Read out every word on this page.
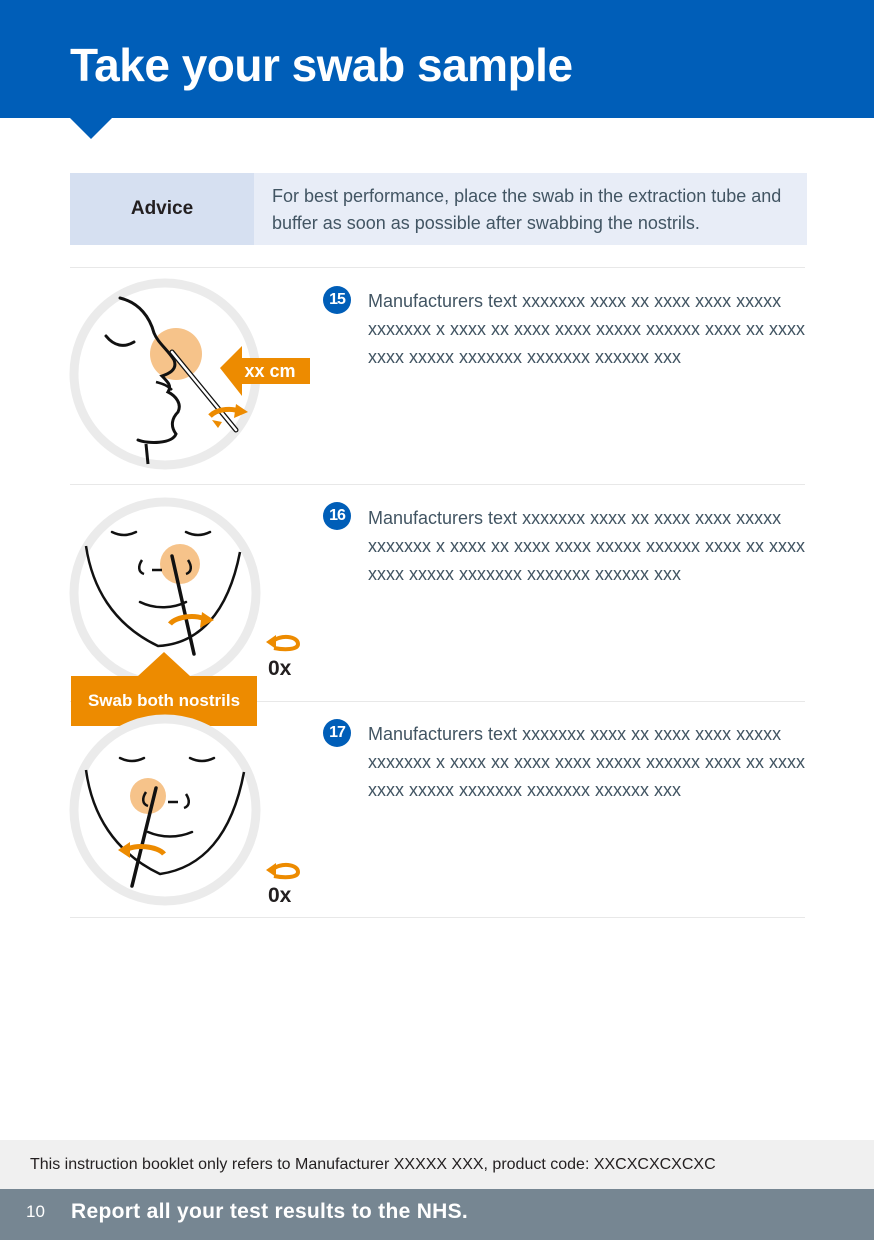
Take your swab sample
Advice
For best performance, place the swab in the extraction tube and buffer as soon as possible after swabbing the nostrils.
15	Manufacturers text xxxxxxx xxxx xx xxxx xxxx xxxxx xxxxxxx x xxxx xx xxxx xxxx xxxxx xxxxxx xxxx xx xxxx xxxx xxxxx xxxxxxx xxxxxxx xxxxxx xxx
xx cm
16	Manufacturers text xxxxxxx xxxx xx xxxx xxxx xxxxx xxxxxxx x xxxx xx xxxx xxxx xxxxx xxxxxx xxxx xx xxxx xxxx xxxxx xxxxxxx xxxxxxx xxxxxx xxx
0x
Swab both nostrils
17	Manufacturers text xxxxxxx xxxx xx xxxx xxxx xxxxx xxxxxxx x xxxx xx xxxx xxxx xxxxx xxxxxx xxxx xx xxxx xxxx xxxxx xxxxxxx xxxxxxx xxxxxx xxx
0x
This instruction booklet only refers to Manufacturer XXXXX XXX, product code: XXCXCXCXCXC
10 Report all your test results to the NHS.
